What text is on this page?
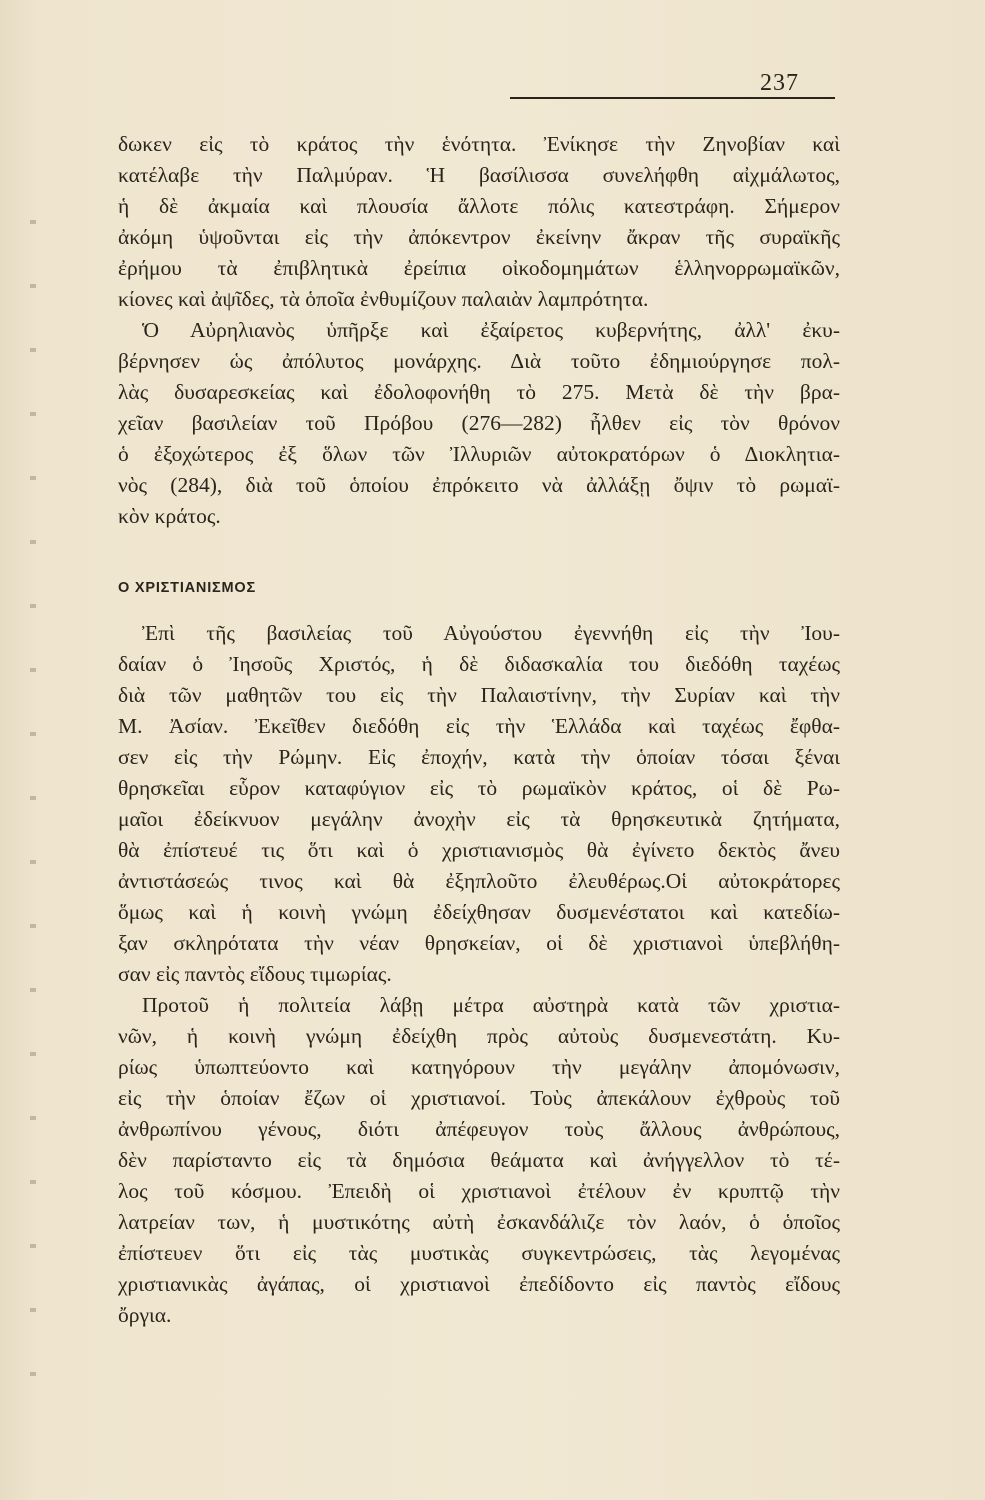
237
δωκεν εἰς τὸ κράτος τὴν ἑνότητα. Ἐνίκησε τὴν Ζηνοβίαν καὶ
κατέλαβε τὴν Παλμύραν. Ἡ βασίλισσα συνελήφθη αἰχμάλωτος,
ἡ δὲ ἀκμαία καὶ πλουσία ἄλλοτε πόλις κατεστράφη. Σήμερον
ἀκόμη ὑψοῦνται εἰς τὴν ἀπόκεντρον ἐκείνην ἄκραν τῆς συραϊκῆς
ἐρήμου τὰ ἐπιβλητικὰ ἐρείπια οἰκοδομημάτων ἑλληνορρωμαϊκῶν,
κίονες καὶ ἀψῖδες, τὰ ὁποῖα ἐνθυμίζουν παλαιὰν λαμπρότητα.
Ὁ Αὐρηλιανὸς ὑπῆρξε καὶ ἐξαίρετος κυβερνήτης, ἀλλ' ἐκυ-
βέρνησεν ὡς ἀπόλυτος μονάρχης. Διὰ τοῦτο ἐδημιούργησε πολ-
λὰς δυσαρεσκείας καὶ ἐδολοφονήθη τὸ 275. Μετὰ δὲ τὴν βρα-
χεῖαν βασιλείαν τοῦ Πρόβου (276—282) ἦλθεν εἰς τὸν θρόνον
ὁ ἐξοχώτερος ἐξ ὅλων τῶν Ἰλλυριῶν αὐτοκρατόρων ὁ Διοκλητια-
νὸς (284), διὰ τοῦ ὁποίου ἐπρόκειτο νὰ ἀλλάξῃ ὄψιν τὸ ρωμαϊ-
κὸν κράτος.
Ο ΧΡΙΣΤΙΑΝΙΣΜΟΣ
Ἐπὶ τῆς βασιλείας τοῦ Αὐγούστου ἐγεννήθη εἰς τὴν Ἰου-
δαίαν ὁ Ἰησοῦς Χριστός, ἡ δὲ διδασκαλία του διεδόθη ταχέως
διὰ τῶν μαθητῶν του εἰς τὴν Παλαιστίνην, τὴν Συρίαν καὶ τὴν
Μ. Ἀσίαν. Ἐκεῖθεν διεδόθη εἰς τὴν Ἑλλάδα καὶ ταχέως ἔφθα-
σεν εἰς τὴν Ρώμην. Εἰς ἐποχήν, κατὰ τὴν ὁποίαν τόσαι ξέναι
θρησκεῖαι εὗρον καταφύγιον εἰς τὸ ρωμαϊκὸν κράτος, οἱ δὲ Ρω-
μαῖοι ἐδείκνυον μεγάλην ἀνοχὴν εἰς τὰ θρησκευτικὰ ζητήματα,
θὰ ἐπίστευέ τις ὅτι καὶ ὁ χριστιανισμὸς θὰ ἐγίνετο δεκτὸς ἄνευ
ἀντιστάσεώς τινος καὶ θὰ ἐξηπλοῦτο ἐλευθέρως.Οἱ αὐτοκράτορες
ὅμως καὶ ἡ κοινὴ γνώμη ἐδείχθησαν δυσμενέστατοι καὶ κατεδίω-
ξαν σκληρότατα τὴν νέαν θρησκείαν, οἱ δὲ χριστιανοὶ ὑπεβλήθη-
σαν εἰς παντὸς εἴδους τιμωρίας.
Προτοῦ ἡ πολιτεία λάβῃ μέτρα αὐστηρὰ κατὰ τῶν χριστια-
νῶν, ἡ κοινὴ γνώμη ἐδείχθη πρὸς αὐτοὺς δυσμενεστάτη. Κυ-
ρίως ὑπωπτεύοντο καὶ κατηγόρουν τὴν μεγάλην ἀπομόνωσιν,
εἰς τὴν ὁποίαν ἔζων οἱ χριστιανοί. Τοὺς ἀπεκάλουν ἐχθροὺς τοῦ
ἀνθρωπίνου γένους, διότι ἀπέφευγον τοὺς ἄλλους ἀνθρώπους,
δὲν παρίσταντο εἰς τὰ δημόσια θεάματα καὶ ἀνήγγελλον τὸ τέ-
λος τοῦ κόσμου. Ἐπειδὴ οἱ χριστιανοὶ ἐτέλουν ἐν κρυπτῷ τὴν
λατρείαν των, ἡ μυστικότης αὐτὴ ἐσκανδάλιζε τὸν λαόν, ὁ ὁποῖος
ἐπίστευεν ὅτι εἰς τὰς μυστικὰς συγκεντρώσεις, τὰς λεγομένας
χριστιανικὰς ἀγάπας, οἱ χριστιανοὶ ἐπεδίδοντο εἰς παντὸς εἴδους
ὄργια.
